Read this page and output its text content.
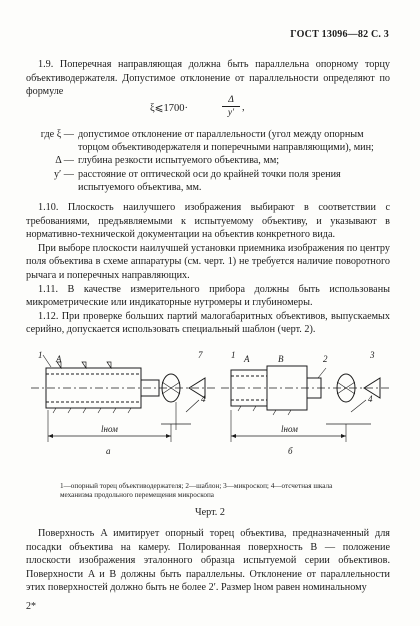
ГОСТ 13096—82 С. 3

1.9. Поперечная направляющая должна быть параллельна опорному торцу объективодержателя. Допустимое отклонение от параллельности определяют по формуле

ξ⩽1700·
Δ
y′ ,
где ξ — допустимое отклонение от параллельности (угол между опорным торцом объективодержателя и поперечными направляющими), мин;
Δ — глубина резкости испытуемого объектива, мм;
y′ — расстояние от оптической оси до крайней точки поля зрения испытуемого объектива, мм.

1.10. Плоскость наилучшего изображения выбирают в соответствии с требованиями, предъявляемыми к испытуемому объективу, и указывают в нормативно-технической документации на объектив конкретного вида.

При выборе плоскости наилучшей установки приемника изображения по центру поля объектива в схеме аппаратуры (см. черт. 1) не требуется наличие поворотного рычага и поперечных направляющих.

1.11. В качестве измерительного прибора должны быть использованы микрометрические или индикаторные нутромеры и глубиномеры.

1.12. При проверке больших партий малогабаритных объективов, выпускаемых серийно, допускается использовать специальный шаблон (черт. 2).

1 A	7
4
lном
а
1 A	B	2	3
4
lном
б
1—опорный торец объективодержателя; 2—шаблон; 3—микроскоп; 4—отсчетная шкала механизма продольного перемещения микроскопа
Черт. 2

Поверхность A имитирует опорный торец объектива, предназначенный для посадки объектива на камеру. Полированная поверхность B — положение плоскости изображения эталонного образца испытуемой серии объективов. Поверхности A и B должны быть параллельны. Отклонение от параллельности этих поверхностей должно быть не более 2′. Размер lном равен номинальному

2*
